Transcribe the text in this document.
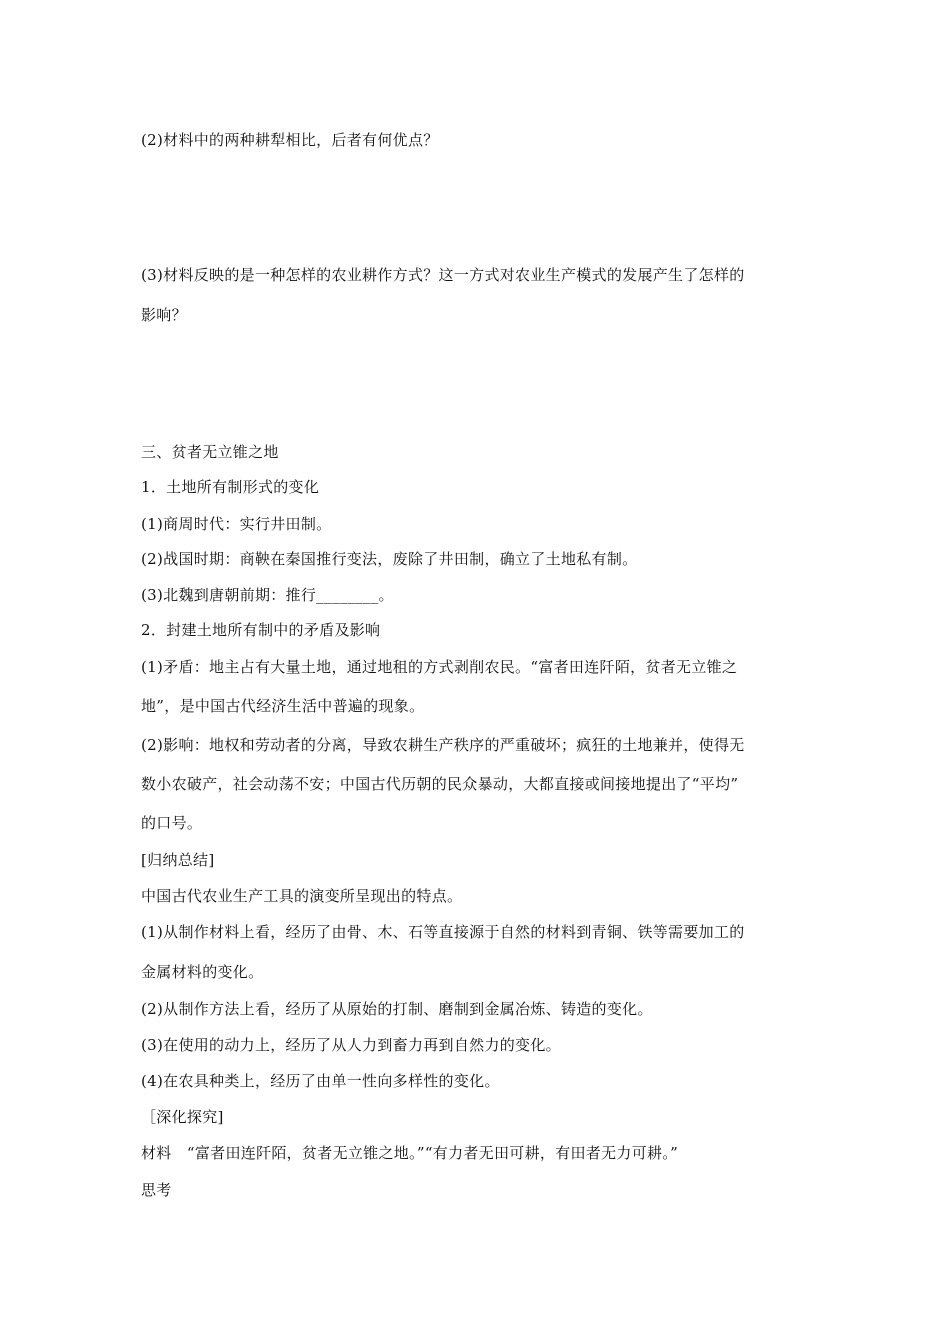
(2)材料中的两种耕犁相比，后者有何优点？
(3)材料反映的是一种怎样的农业耕作方式？这一方式对农业生产模式的发展产生了怎样的
影响？
三、贫者无立锥之地
1．土地所有制形式的变化
(1)商周时代：实行井田制。
(2)战国时期：商鞅在秦国推行变法，废除了井田制，确立了土地私有制。
(3)北魏到唐朝前期：推行________。
2．封建土地所有制中的矛盾及影响
(1)矛盾：地主占有大量土地，通过地租的方式剥削农民。“富者田连阡陌，贫者无立锥之
地”，是中国古代经济生活中普遍的现象。
(2)影响：地权和劳动者的分离，导致农耕生产秩序的严重破坏；疯狂的土地兼并，使得无
数小农破产，社会动荡不安；中国古代历朝的民众暴动，大都直接或间接地提出了“平均”
的口号。
[归纳总结]
中国古代农业生产工具的演变所呈现出的特点。
(1)从制作材料上看，经历了由骨、木、石等直接源于自然的材料到青铜、铁等需要加工的
金属材料的变化。
(2)从制作方法上看，经历了从原始的打制、磨制到金属冶炼、铸造的变化。
(3)在使用的动力上，经历了从人力到畜力再到自然力的变化。
(4)在农具种类上，经历了由单一性向多样性的变化。
［深化探究]
材料　“富者田连阡陌，贫者无立锥之地。”“有力者无田可耕，有田者无力可耕。”
思考
